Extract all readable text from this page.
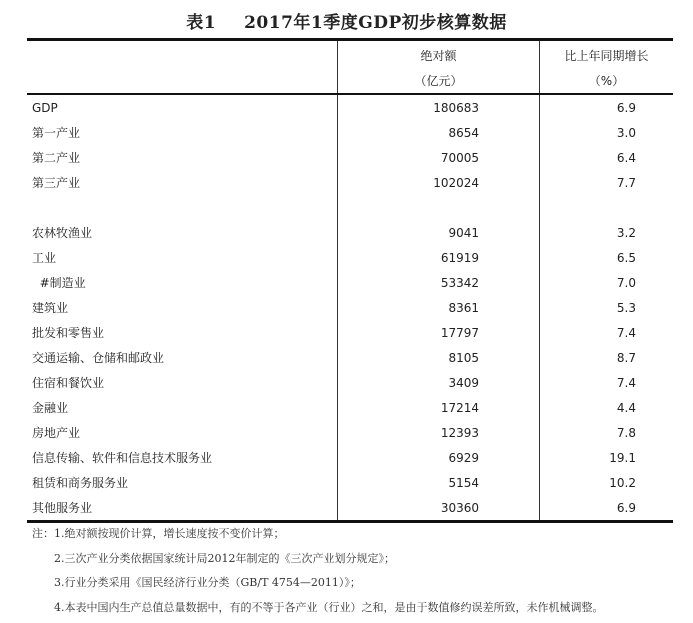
表1 2017年1季度GDP初步核算数据
	绝对额	比上年同期增长
	（亿元）	（%）
GDP	180683	6.9
第一产业	8654	3.0
第二产业	70005	6.4
第三产业	102024	7.7

农林牧渔业	9041	3.2
工业	61919	6.5
#制造业	53342	7.0
建筑业	8361	5.3
批发和零售业	17797	7.4
交通运输、仓储和邮政业	8105	8.7
住宿和餐饮业	3409	7.4
金融业	17214	4.4
房地产业	12393	7.8
信息传输、软件和信息技术服务业	6929	19.1
租赁和商务服务业	5154	10.2
其他服务业	30360	6.9
注：1.绝对额按现价计算，增长速度按不变价计算；
2.三次产业分类依据国家统计局2012年制定的《三次产业划分规定》；
3.行业分类采用《国民经济行业分类（GB/T 4754—2011）》；
4.本表中国内生产总值总量数据中，有的不等于各产业（行业）之和，是由于数值修约误差所致，未作机械调整。
